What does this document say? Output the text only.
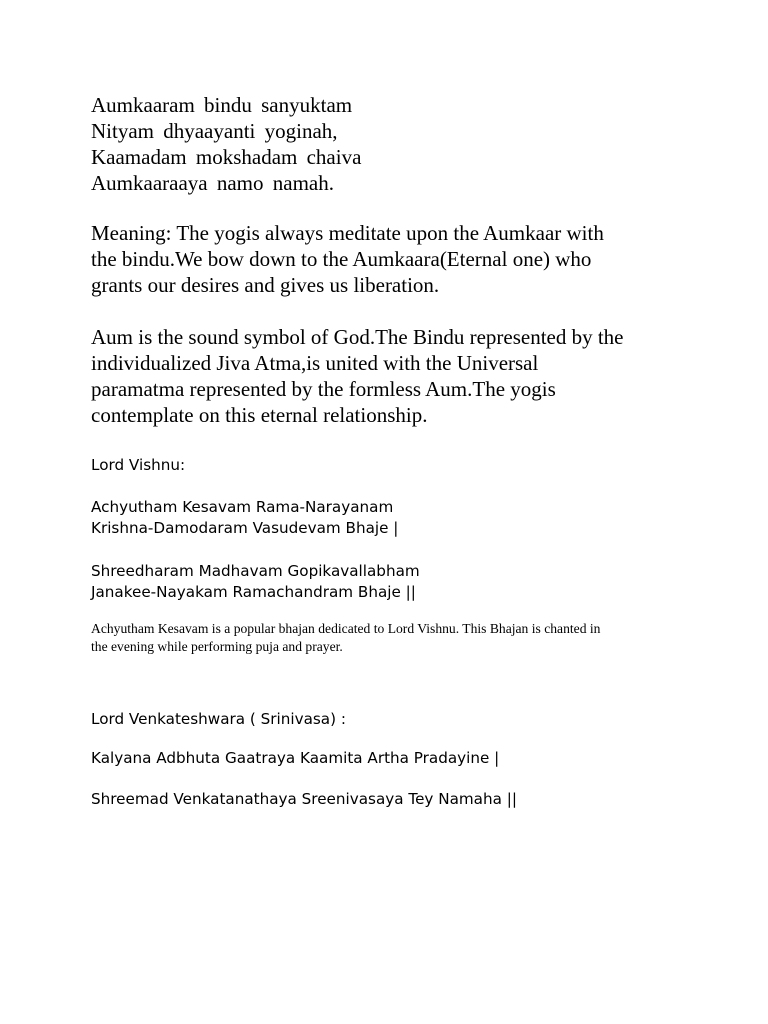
Aumkaaram bindu sanyuktam
Nityam dhyaayanti yoginah,
Kaamadam mokshadam chaiva
Aumkaaraaya namo namah.
Meaning: The yogis always meditate upon the Aumkaar with
the bindu.We bow down to the Aumkaara(Eternal one) who
grants our desires and gives us liberation.
Aum is the sound symbol of God.The Bindu represented by the
individualized Jiva Atma,is united with the Universal
paramatma represented by the formless Aum.The yogis
contemplate on this eternal relationship.
Lord Vishnu:
Achyutham Kesavam Rama-Narayanam
Krishna-Damodaram Vasudevam Bhaje |
Shreedharam Madhavam Gopikavallabham
Janakee-Nayakam Ramachandram Bhaje ||
Achyutham Kesavam is a popular bhajan dedicated to Lord Vishnu. This Bhajan is chanted in
the evening while performing puja and prayer.
Lord Venkateshwara ( Srinivasa) :
Kalyana Adbhuta Gaatraya Kaamita Artha Pradayine |
Shreemad Venkatanathaya Sreenivasaya Tey Namaha ||
